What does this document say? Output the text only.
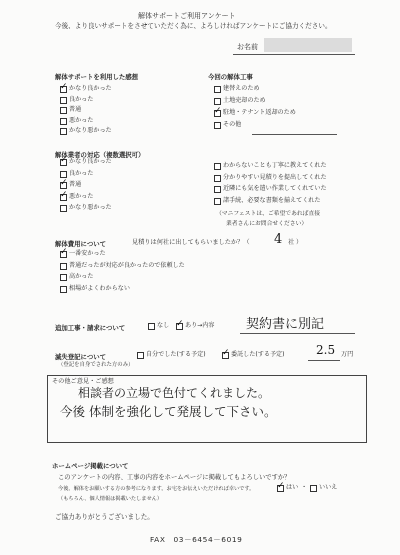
解体サポートご利用アンケート
今後、より良いサポートをさせていただく為に、よろしければアンケートにご協力ください。
お名前
解体サポートを利用した感想
✓
かなり良かった
良かった
普通
悪かった
かなり悪かった
今回の解体工事
建替えのため
土地売却のため
✓
駐地・テナント返却のため
その他
解体業者の対応（複数選択可）
✓
かなり良かった
良かった
✓
普通
✓
悪かった
かなり悪かった
わからないことも丁寧に教えてくれた
分かりやすい見積りを提出してくれた
近隣にも気を遣い作業してくれていた
諸手続、必要な書類を揃えてくれた
（マニフェストは、ご希望であれば直接
業者さんにお問合せください）
解体費用について	見積りは何社に出してもらいましたか？（ 4 社 ）
✓
一番安かった
普通だったが対応が良かったので依頼した
高かった
相場がよくわからない
追加工事・請求について	なし ✓	あり→内容 契約書に別記
滅失登記について
（登記を自身でされた方のみ）
自分でした(する予定) ✓	委託した(する予定)	2.5 万円
その他ご意見・ご感想
相談者の立場で色付てくれました。
今後 体制を強化して発展して下さい。
ホームページ掲載について
このアンケートの内容、工事の内容をホームページに掲載してもよろしいですか？
今後、解体をお願いする方の参考になります。お宅をお伝えいただければ幸いです。
（もちろん、個人情報は掲載いたしません）
✓
はい ・ いいえ
ご協力ありがとうございました。
FAX　03－6454－6019
